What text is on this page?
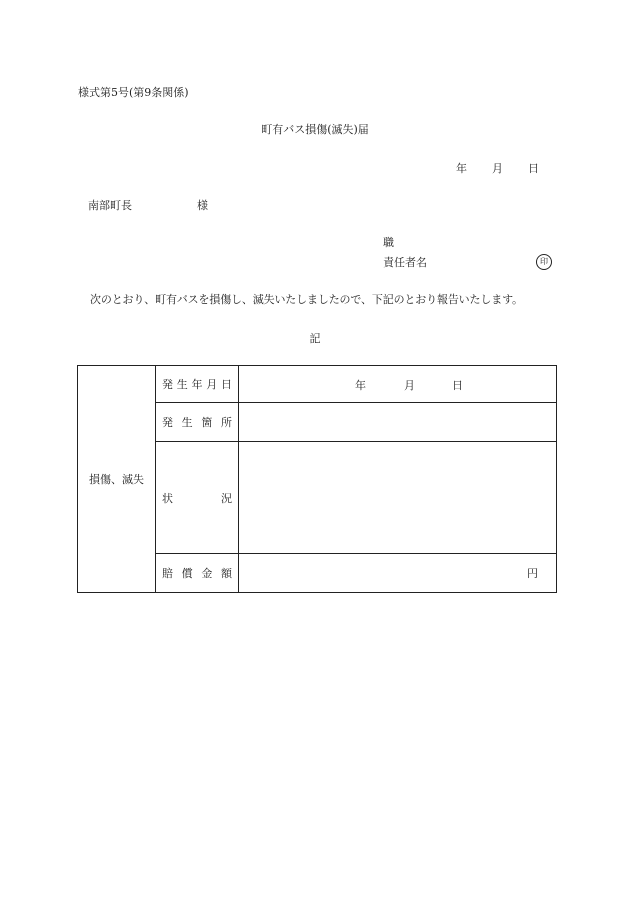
様式第5号(第9条関係)
町有バス損傷(滅失)届
年 月 日
南部町長	様
職
責任者名	印
次のとおり、町有バスを損傷し、滅失いたしましたので、下記のとおり報告いたします。
記
損傷、滅失	発 生 年 月 日	年 月 日

	発 生 箇 所	

	状 況	

	賠 償 金 額	円
